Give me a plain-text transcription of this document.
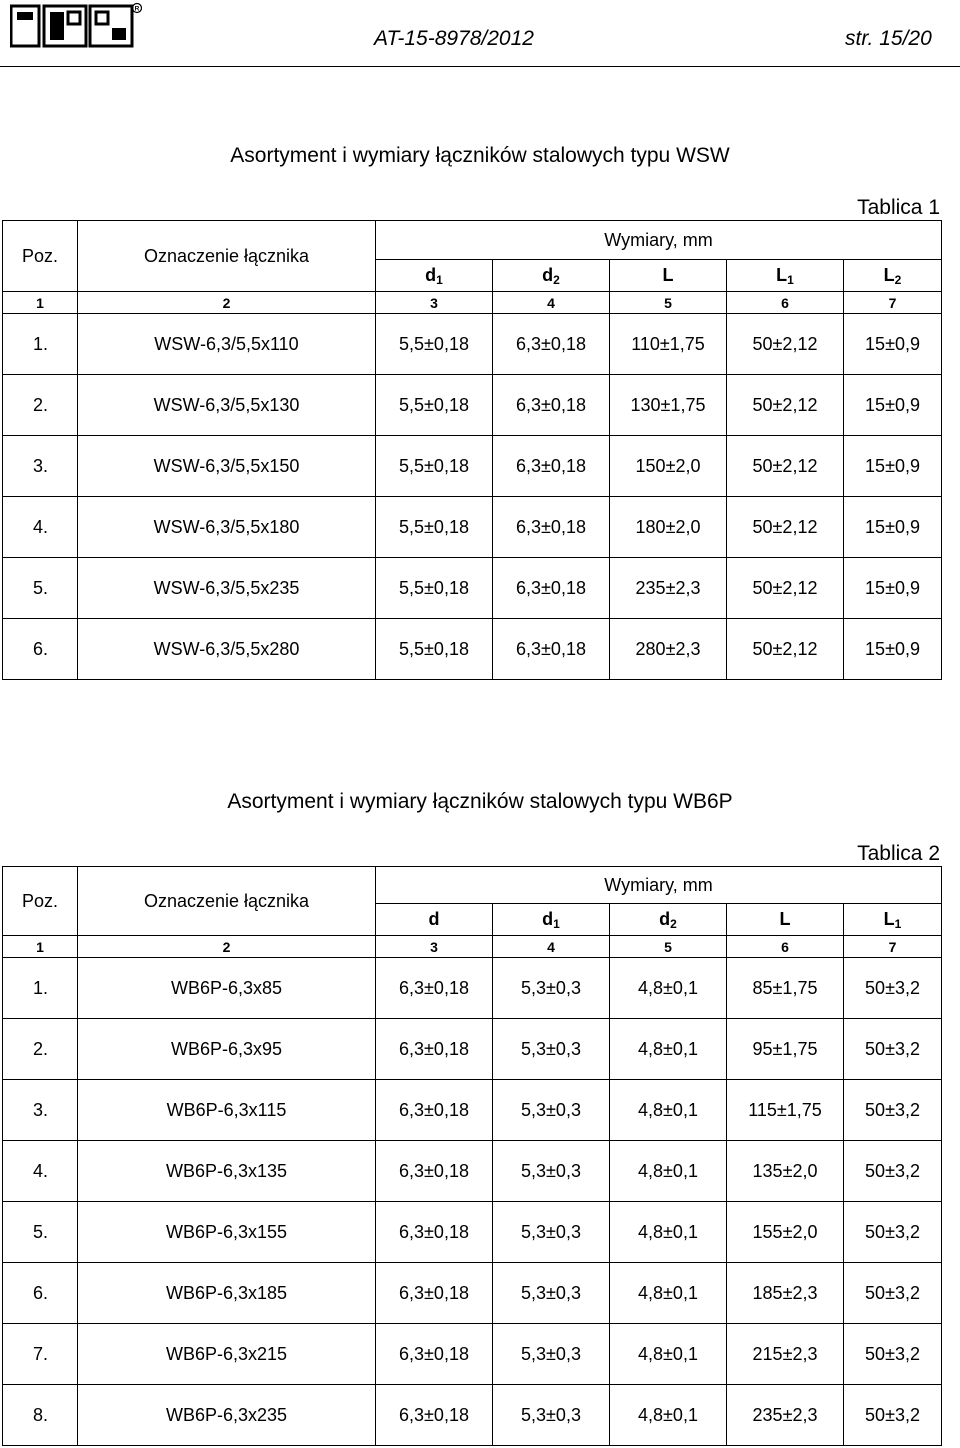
R
AT-15-8978/2012	str. 15/20
Asortyment i wymiary łączników stalowych typu WSW
Tablica 1
Poz.	Oznaczenie łącznika	Wymiary, mm				
		$d_1$	$d_2$	L	$L_1$	$L_2$
1	2	3	4	5	6	7
1.	WSW-6,3/5,5x110	5,5±0,18	6,3±0,18	110±1,75	50±2,12	15±0,9
2.	WSW-6,3/5,5x130	5,5±0,18	6,3±0,18	130±1,75	50±2,12	15±0,9
3.	WSW-6,3/5,5x150	5,5±0,18	6,3±0,18	150±2,0	50±2,12	15±0,9
4.	WSW-6,3/5,5x180	5,5±0,18	6,3±0,18	180±2,0	50±2,12	15±0,9
5.	WSW-6,3/5,5x235	5,5±0,18	6,3±0,18	235±2,3	50±2,12	15±0,9
6.	WSW-6,3/5,5x280	5,5±0,18	6,3±0,18	280±2,3	50±2,12	15±0,9
Asortyment i wymiary łączników stalowych typu WB6P
Tablica 2
Poz.	Oznaczenie łącznika	Wymiary, mm				
		d	$d_1$	$d_2$	L	$L_1$
1	2	3	4	5	6	7
1.	WB6P-6,3x85	6,3±0,18	5,3±0,3	4,8±0,1	85±1,75	50±3,2
2.	WB6P-6,3x95	6,3±0,18	5,3±0,3	4,8±0,1	95±1,75	50±3,2
3.	WB6P-6,3x115	6,3±0,18	5,3±0,3	4,8±0,1	115±1,75	50±3,2
4.	WB6P-6,3x135	6,3±0,18	5,3±0,3	4,8±0,1	135±2,0	50±3,2
5.	WB6P-6,3x155	6,3±0,18	5,3±0,3	4,8±0,1	155±2,0	50±3,2
6.	WB6P-6,3x185	6,3±0,18	5,3±0,3	4,8±0,1	185±2,3	50±3,2
7.	WB6P-6,3x215	6,3±0,18	5,3±0,3	4,8±0,1	215±2,3	50±3,2
8.	WB6P-6,3x235	6,3±0,18	5,3±0,3	4,8±0,1	235±2,3	50±3,2
